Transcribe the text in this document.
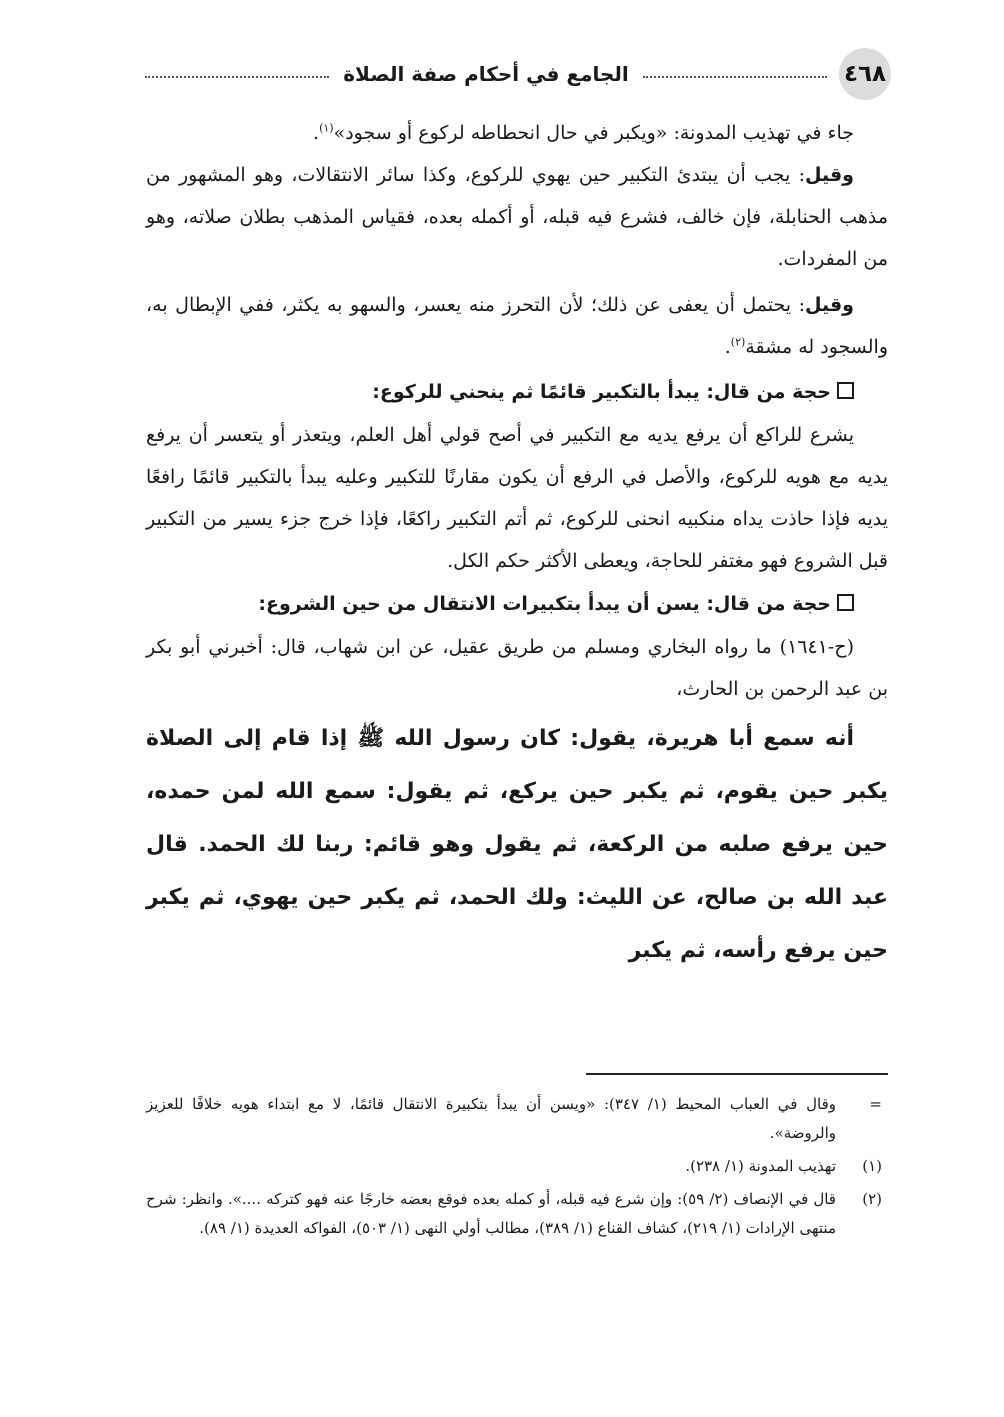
٤٦٨
الجامع في أحكام صفة الصلاة

جاء في تهذيب المدونة: «ويكبر في حال انحطاطه لركوع أو سجود»$^{(١)}$.

وقيل: يجب أن يبتدئ التكبير حين يهوي للركوع، وكذا سائر الانتقالات، وهو المشهور من مذهب الحنابلة، فإن خالف، فشرع فيه قبله، أو أكمله بعده، فقياس المذهب بطلان صلاته، وهو من المفردات.

وقيل: يحتمل أن يعفى عن ذلك؛ لأن التحرز منه يعسر، والسهو به يكثر، ففي الإبطال به، والسجود له مشقة$^{(٢)}$.

حجة من قال: يبدأ بالتكبير قائمًا ثم ينحني للركوع:

يشرع للراكع أن يرفع يديه مع التكبير في أصح قولي أهل العلم، ويتعذر أو يتعسر أن يرفع يديه مع هويه للركوع، والأصل في الرفع أن يكون مقارنًا للتكبير وعليه يبدأ بالتكبير قائمًا رافعًا يديه فإذا حاذت يداه منكبيه انحنى للركوع، ثم أتم التكبير راكعًا، فإذا خرج جزء يسير من التكبير قبل الشروع فهو مغتفر للحاجة، ويعطى الأكثر حكم الكل.

حجة من قال: يسن أن يبدأ بتكبيرات الانتقال من حين الشروع:

(ح-١٦٤١) ما رواه البخاري ومسلم من طريق عقيل، عن ابن شهاب، قال: أخبرني أبو بكر بن عبد الرحمن بن الحارث،

أنه سمع أبا هريرة، يقول: كان رسول الله ﷺ إذا قام إلى الصلاة يكبر حين يقوم، ثم يكبر حين يركع، ثم يقول: سمع الله لمن حمده، حين يرفع صلبه من الركعة، ثم يقول وهو قائم: ربنا لك الحمد. قال عبد الله بن صالح، عن الليث: ولك الحمد، ثم يكبر حين يهوي، ثم يكبر حين يرفع رأسه، ثم يكبر

=
وقال في العباب المحيط (١/ ٣٤٧): «ويسن أن يبدأ بتكبيرة الانتقال قائمًا، لا مع ابتداء هويه خلافًا للعزيز والروضة».
(١)
تهذيب المدونة (١/ ٢٣٨).
(٢)
قال في الإنصاف (٢/ ٥٩): وإن شرع فيه قبله، أو كمله بعده فوقع بعضه خارجًا عنه فهو كتركه ....». وانظر: شرح منتهى الإرادات (١/ ٢١٩)، كشاف القناع (١/ ٣٨٩)، مطالب أولي النهى (١/ ٥٠٣)، الفواكه العديدة (١/ ٨٩).
